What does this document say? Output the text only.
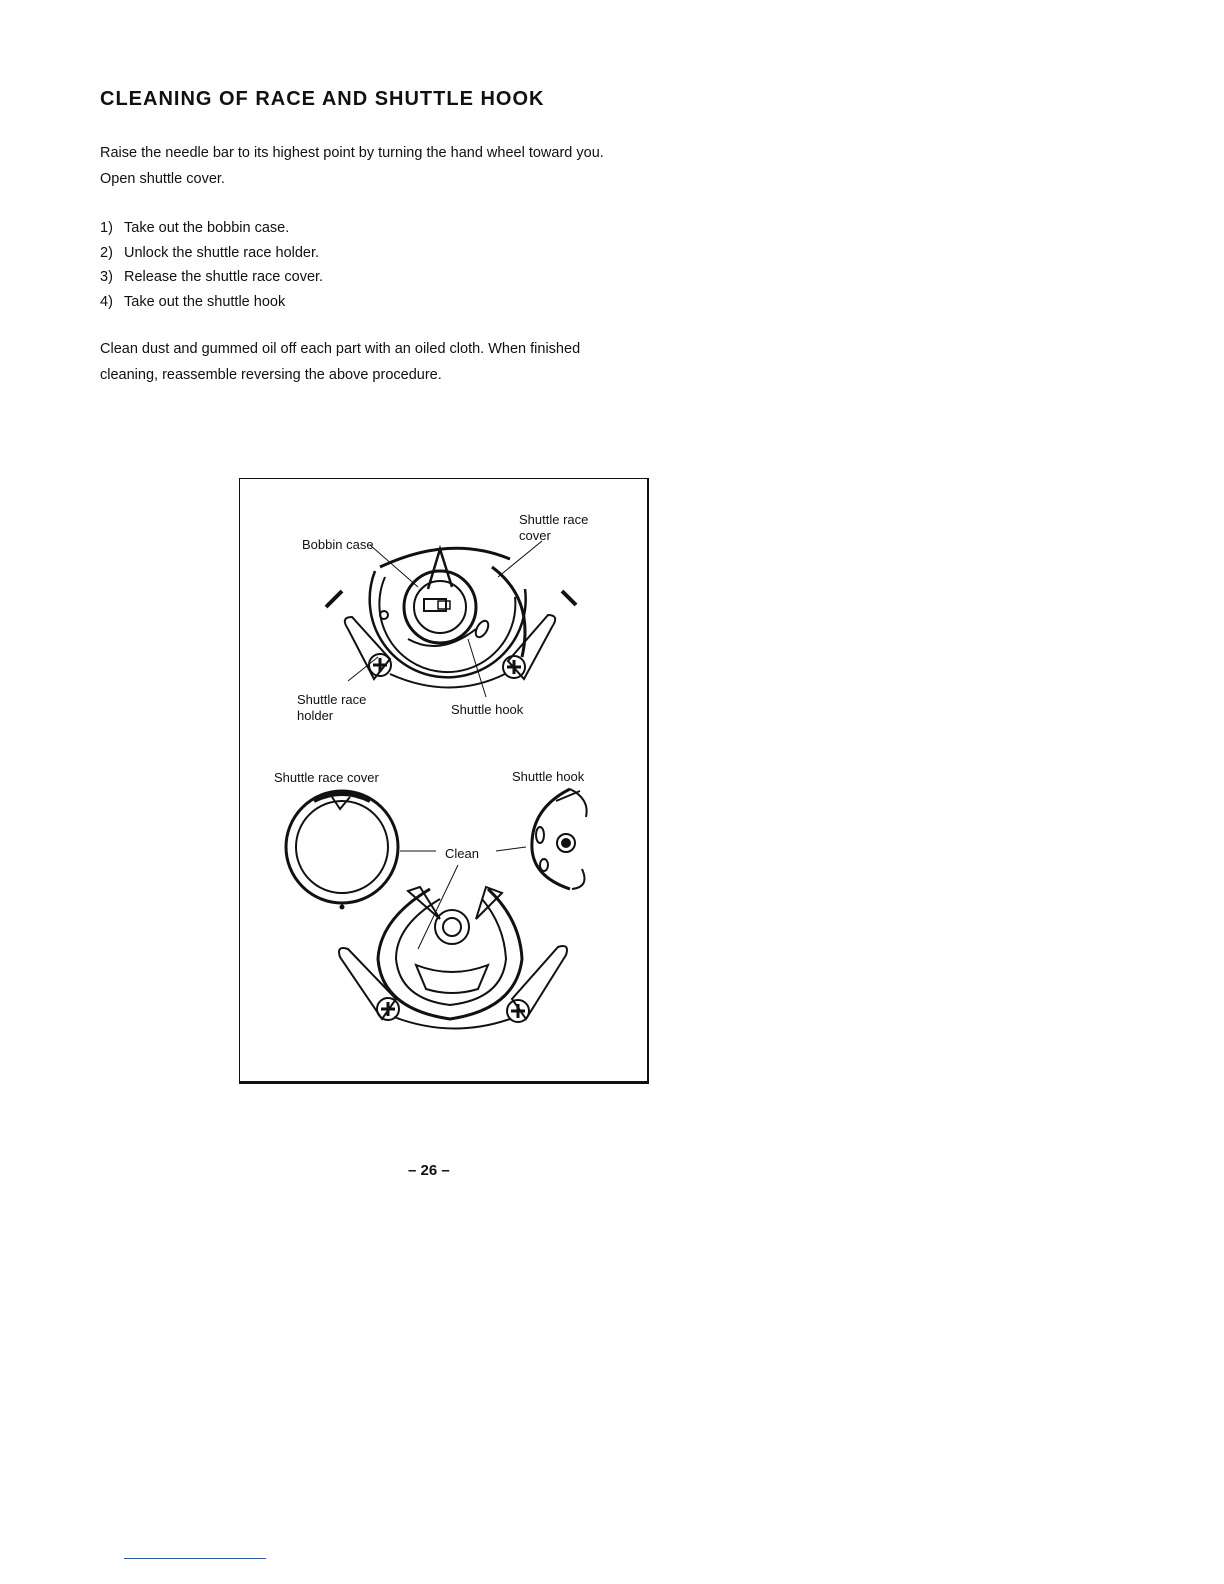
CLEANING OF RACE AND SHUTTLE HOOK
Raise the needle bar to its highest point by turning the hand wheel toward you.
Open shuttle cover.
1) Take out the bobbin case.
2) Unlock the shuttle race holder.
3) Release the shuttle race cover.
4) Take out the shuttle hook
Clean dust and gummed oil off each part with an oiled cloth. When finished
cleaning, reassemble reversing the above procedure.
Bobbin case
Shuttle race
cover
Shuttle race
holder	Shuttle hook
Shuttle race cover	Shuttle hook
Clean
– 26 –
